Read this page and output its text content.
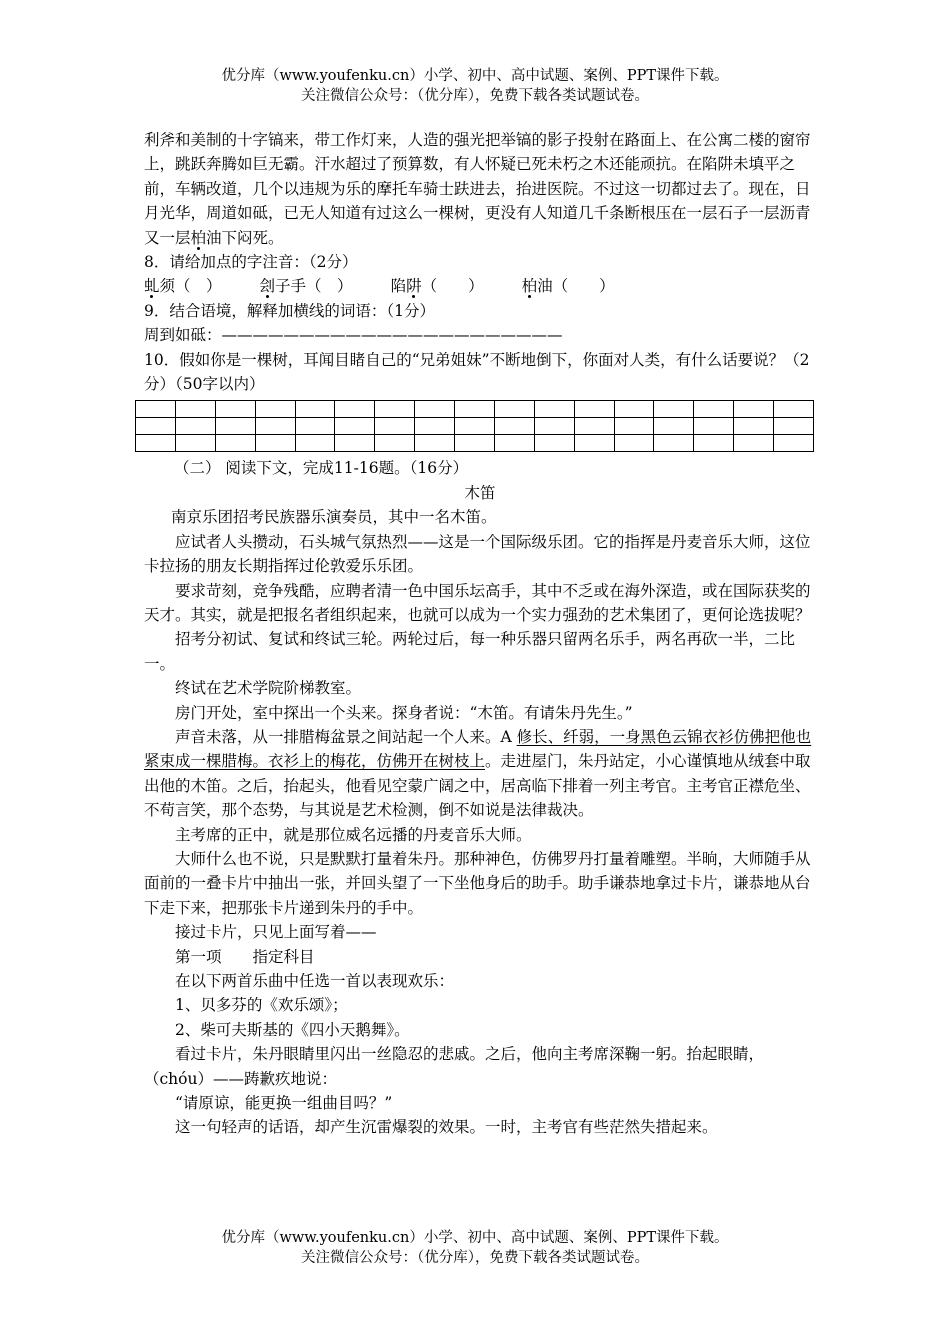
优分库（www.youfenku.cn）小学、初中、高中试题、案例、PPT课件下载。
关注微信公众号：（优分库），免费下载各类试题试卷。

利斧和美制的十字镐来，带工作灯来，人造的强光把举镐的影子投射在路面上、在公寓二楼的窗帘上，跳跃奔腾如巨无霸。汗水超过了预算数，有人怀疑已死未朽之木还能顽抗。在陷阱未填平之前，车辆改道，几个以违规为乐的摩托车骑士趺进去，抬进医院。不过这一切都过去了。现在，日月光华，周道如砥，已无人知道有过这么一棵树，更没有人知道几千条断根压在一层石子一层沥青又一层柏油下闷死。

8．请给加点的字注音：（2分）

虬须（　） 刽子手（　） 陷阱（　　） 柏油（　　）

9．结合语境，解释加横线的词语：（1分）

周到如砥：——————————————————————

10．假如你是一棵树，耳闻目睹自己的“兄弟姐妹”不断地倒下，你面对人类，有什么话要说？（2分）（50字以内）

（二） 阅读下文，完成11-16题。（16分）

木笛

南京乐团招考民族器乐演奏员，其中一名木笛。

应试者人头攒动，石头城气氛热烈——这是一个国际级乐团。它的指挥是丹麦音乐大师，这位卡拉扬的朋友长期指挥过伦敦爱乐乐团。

要求苛刻，竞争残酷，应聘者清一色中国乐坛高手，其中不乏或在海外深造，或在国际获奖的天才。其实，就是把报名者组织起来，也就可以成为一个实力强劲的艺术集团了，更何论选拔呢？

招考分初试、复试和终试三轮。两轮过后，每一种乐器只留两名乐手，两名再砍一半，二比一。

终试在艺术学院阶梯教室。

房门开处，室中探出一个头来。探身者说：“木笛。有请朱丹先生。”

声音未落，从一排腊梅盆景之间站起一个人来。A 修长、纤弱，一身黑色云锦衣衫仿佛把他也紧束成一棵腊梅。衣衫上的梅花，仿佛开在树枝上。走进屋门，朱丹站定，小心谨慎地从绒套中取出他的木笛。之后，抬起头，他看见空蒙广阔之中，居高临下排着一列主考官。主考官正襟危坐、不苟言笑，那个态势，与其说是艺术检测，倒不如说是法律裁决。

主考席的正中，就是那位威名远播的丹麦音乐大师。

大师什么也不说，只是默默打量着朱丹。那种神色，仿佛罗丹打量着雕塑。半晌，大师随手从面前的一叠卡片中抽出一张，并回头望了一下坐他身后的助手。助手谦恭地拿过卡片，谦恭地从台下走下来，把那张卡片递到朱丹的手中。

接过卡片，只见上面写着——

第一项　　指定科目

在以下两首乐曲中任选一首以表现欢乐：

1、贝多芬的《欢乐颂》；

2、柴可夫斯基的《四小天鹅舞》。

看过卡片，朱丹眼睛里闪出一丝隐忍的悲戚。之后，他向主考席深鞠一躬。抬起眼睛，（chóu）——踌歉疚地说：

“请原谅，能更换一组曲目吗？”

这一句轻声的话语，却产生沉雷爆裂的效果。一时，主考官有些茫然失措起来。

优分库（www.youfenku.cn）小学、初中、高中试题、案例、PPT课件下载。
关注微信公众号：（优分库），免费下载各类试题试卷。
